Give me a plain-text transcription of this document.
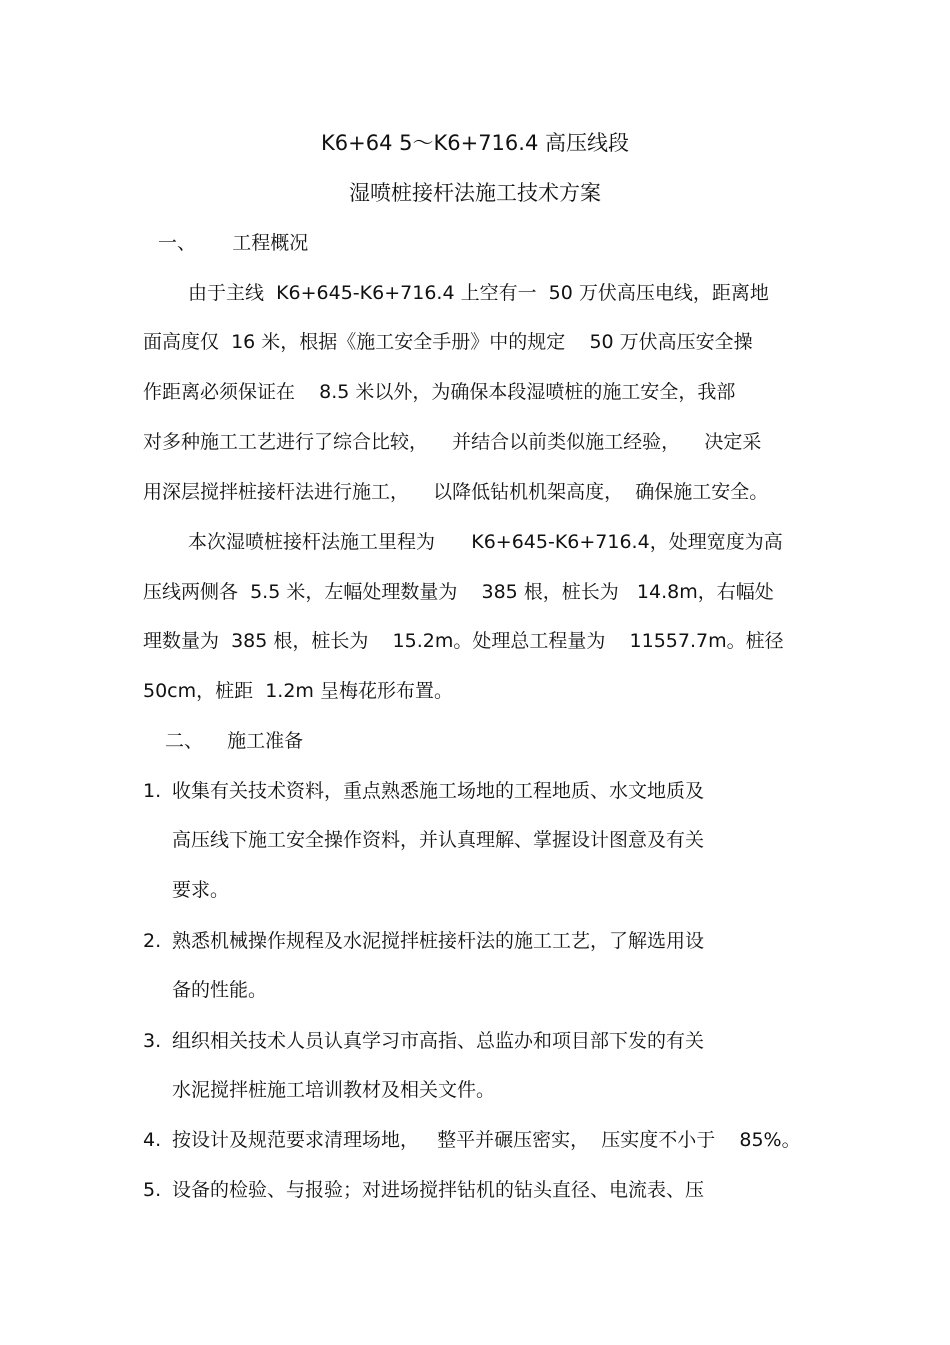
K6+64 5～K6+716.4 高压线段
湿喷桩接杆法施工技术方案
一、      工程概况
由于主线  K6+645-K6+716.4 上空有一  50 万伏高压电线，距离地
面高度仅  16 米，根据《施工安全手册》中的规定    50 万伏高压安全操
作距离必须保证在    8.5 米以外，为确保本段湿喷桩的施工安全，我部
对多种施工工艺进行了综合比较，    并结合以前类似施工经验，    决定采
用深层搅拌桩接杆法进行施工，    以降低钻机机架高度，  确保施工安全。
本次湿喷桩接杆法施工里程为      K6+645-K6+716.4，处理宽度为高
压线两侧各  5.5 米，左幅处理数量为    385 根，桩长为   14.8m，右幅处
理数量为  385 根，桩长为    15.2m。处理总工程量为    11557.7m。桩径
50cm，桩距  1.2m 呈梅花形布置。
二、    施工准备
1. 收集有关技术资料，重点熟悉施工场地的工程地质、水文地质及
高压线下施工安全操作资料，并认真理解、掌握设计图意及有关
要求。
2. 熟悉机械操作规程及水泥搅拌桩接杆法的施工工艺，了解选用设
备的性能。
3. 组织相关技术人员认真学习市高指、总监办和项目部下发的有关
水泥搅拌桩施工培训教材及相关文件。
4. 按设计及规范要求清理场地，   整平并碾压密实，  压实度不小于    85%。
5. 设备的检验、与报验；对进场搅拌钻机的钻头直径、电流表、压
